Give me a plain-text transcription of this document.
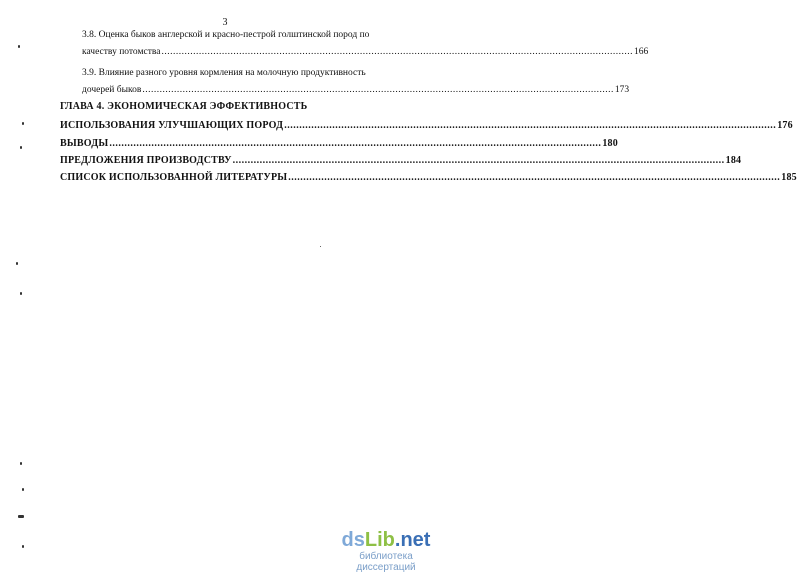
3
3.8. Оценка быков англерской и красно-пестрой голштинской пород по
качеству потомства .................................................................................................................................................................... 166
3.9. Влияние разного уровня кормления на молочную продуктивность
дочерей быков .................................................................................................................................................................... 173
ГЛАВА 4. ЭКОНОМИЧЕСКАЯ ЭФФЕКТИВНОСТЬ
ИСПОЛЬЗОВАНИЯ УЛУЧШАЮЩИХ ПОРОД .................................................................................................................................................................... 176
ВЫВОДЫ .................................................................................................................................................................... 180
ПРЕДЛОЖЕНИЯ ПРОИЗВОДСТВУ .................................................................................................................................................................... 184
СПИСОК ИСПОЛЬЗОВАННОЙ ЛИТЕРАТУРЫ .................................................................................................................................................................... 185
ds Lib . net
библиотека диссертаций
